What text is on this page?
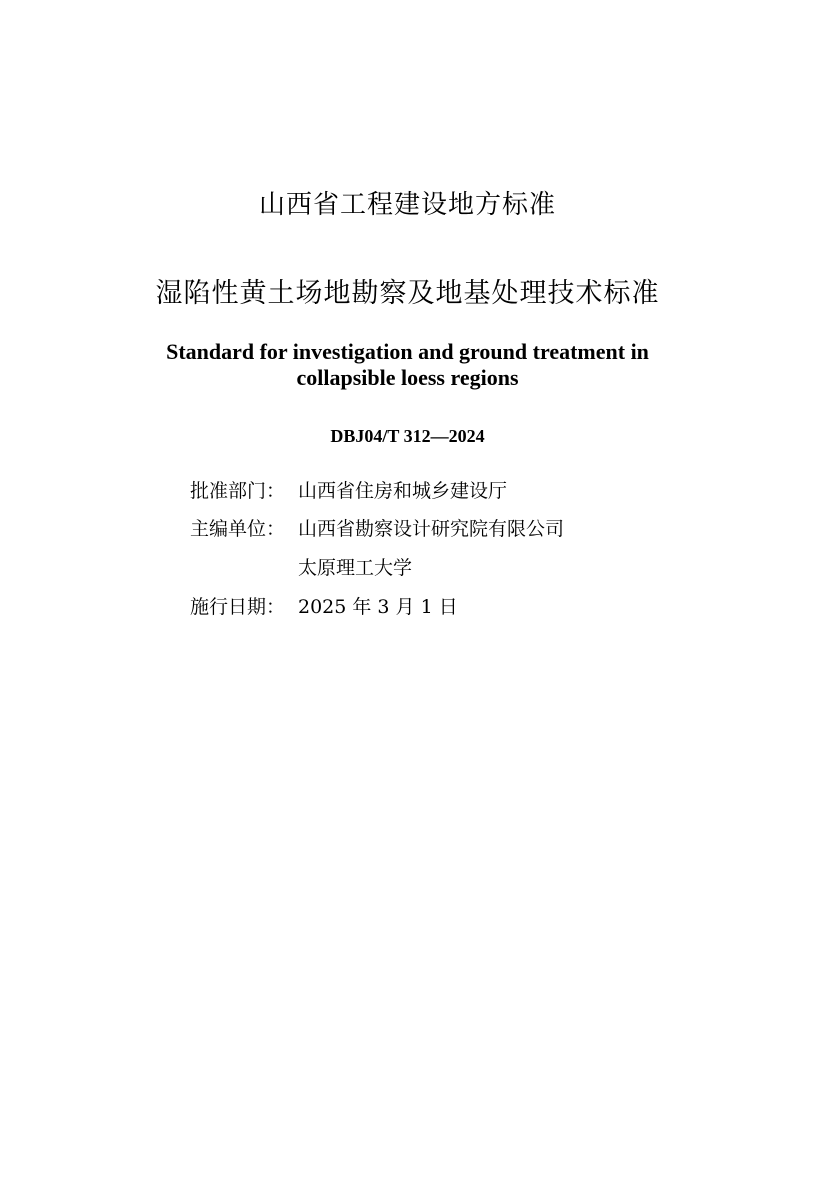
山西省工程建设地方标准
湿陷性黄土场地勘察及地基处理技术标准
Standard for investigation and ground treatment in
collapsible loess regions
DBJ04/T 312—2024
批准部门： 山西省住房和城乡建设厅
主编单位： 山西省勘察设计研究院有限公司
太原理工大学
施行日期： 2025 年 3 月 1 日
